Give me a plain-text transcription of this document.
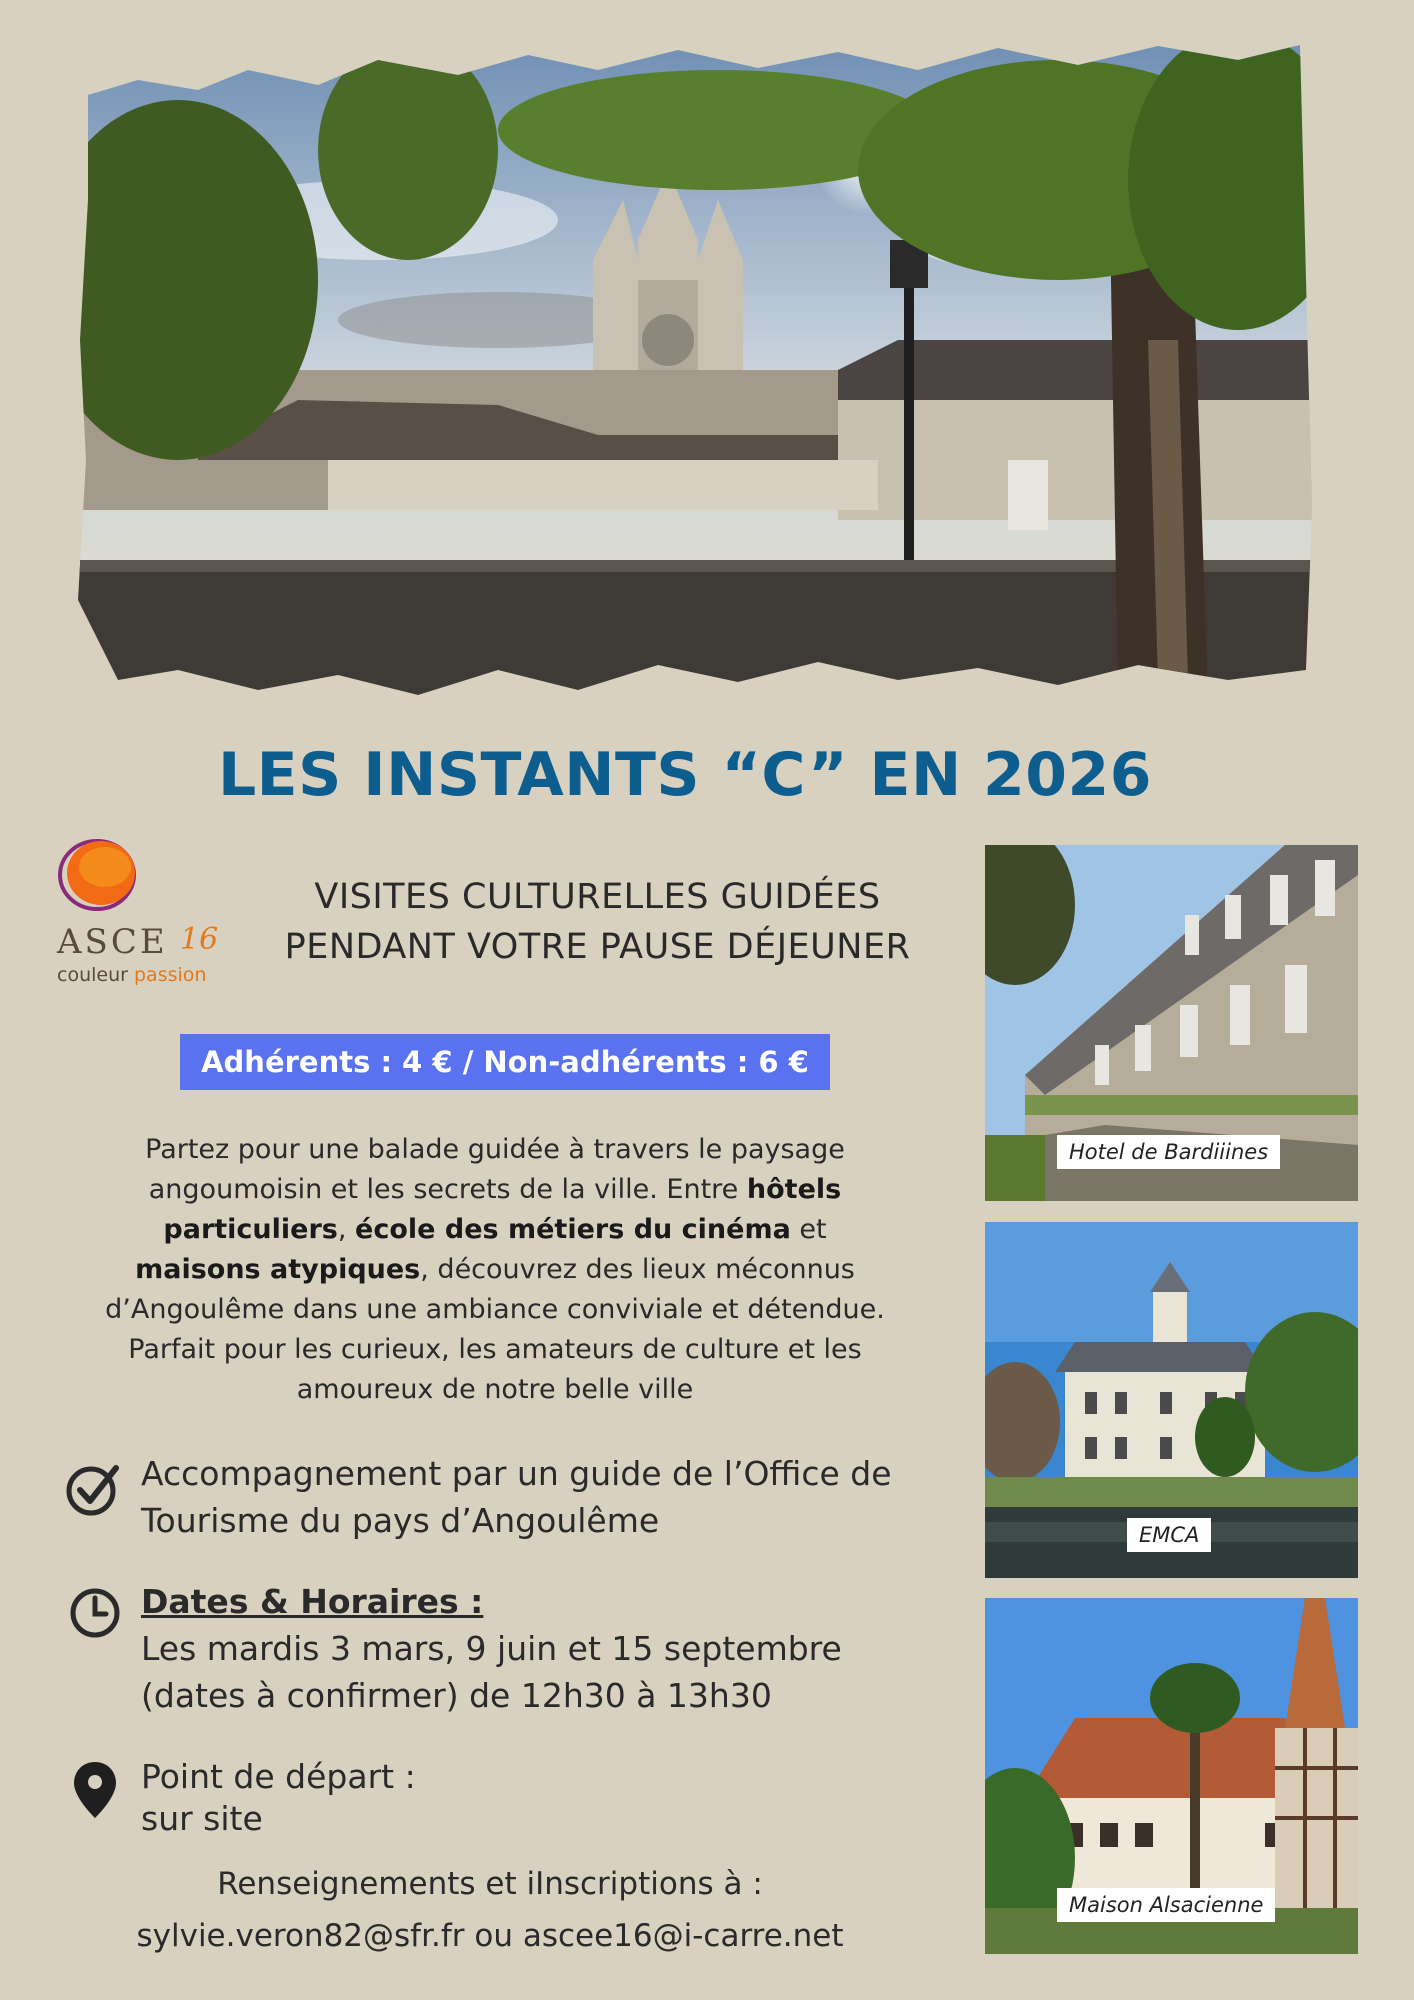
LES INSTANTS “C” EN 2026
ASCE 16
couleur passion
VISITES CULTURELLES GUIDÉES
PENDANT VOTRE PAUSE DÉJEUNER
Adhérents : 4 € / Non-adhérents : 6 €

Partez pour une balade guidée à travers le paysage angoumoisin et les secrets de la ville. Entre hôtels particuliers, école des métiers du cinéma et maisons atypiques, découvrez des lieux méconnus d’Angoulême dans une ambiance conviviale et détendue.

Parfait pour les curieux, les amateurs de culture et les amoureux de notre belle ville

Accompagnement par un guide de l’Office de Tourisme du pays d’Angoulême
Dates & Horaires :
Les mardis 3 mars, 9 juin et 15 septembre
(dates à confirmer) de 12h30 à 13h30
Point de départ :
sur site
Renseignements et iInscriptions à :
sylvie.veron82@sfr.fr ou ascee16@i-carre.net
Hotel de Bardiiines
EMCA
Maison Alsacienne
